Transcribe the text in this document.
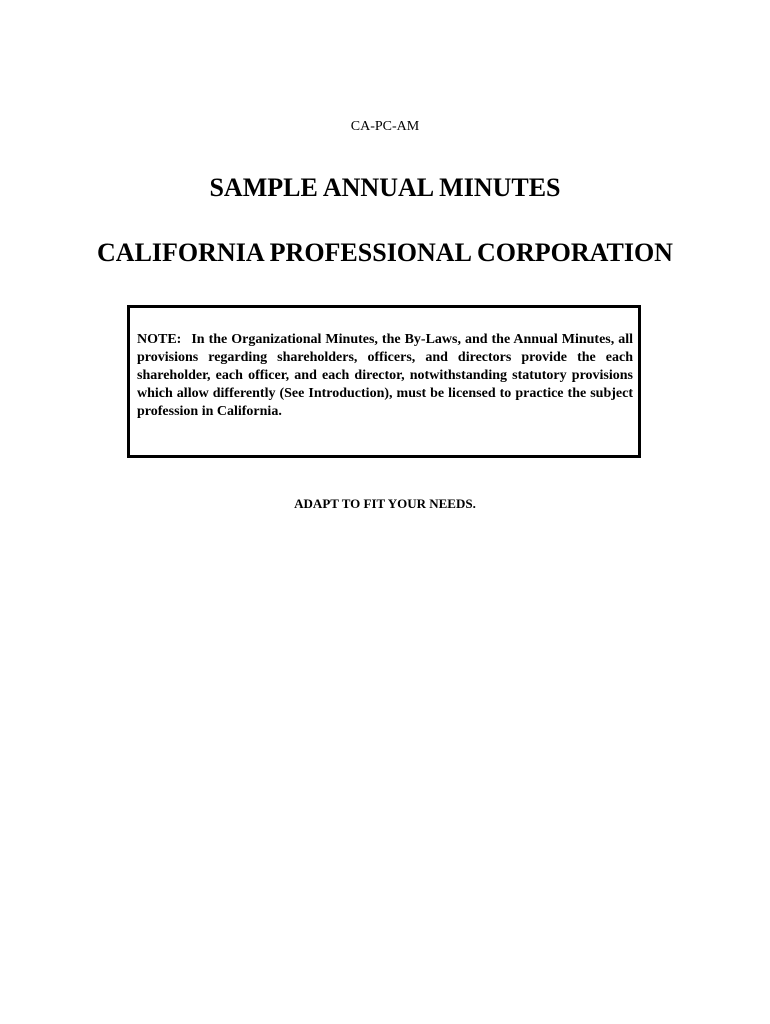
CA-PC-AM
SAMPLE ANNUAL MINUTES
CALIFORNIA PROFESSIONAL CORPORATION
NOTE: In the Organizational Minutes, the By-Laws, and the Annual Minutes, all provisions regarding shareholders, officers, and directors provide the each shareholder, each officer, and each director, notwithstanding statutory provisions which allow differently (See Introduction), must be licensed to practice the subject profession in California.
ADAPT TO FIT YOUR NEEDS.
